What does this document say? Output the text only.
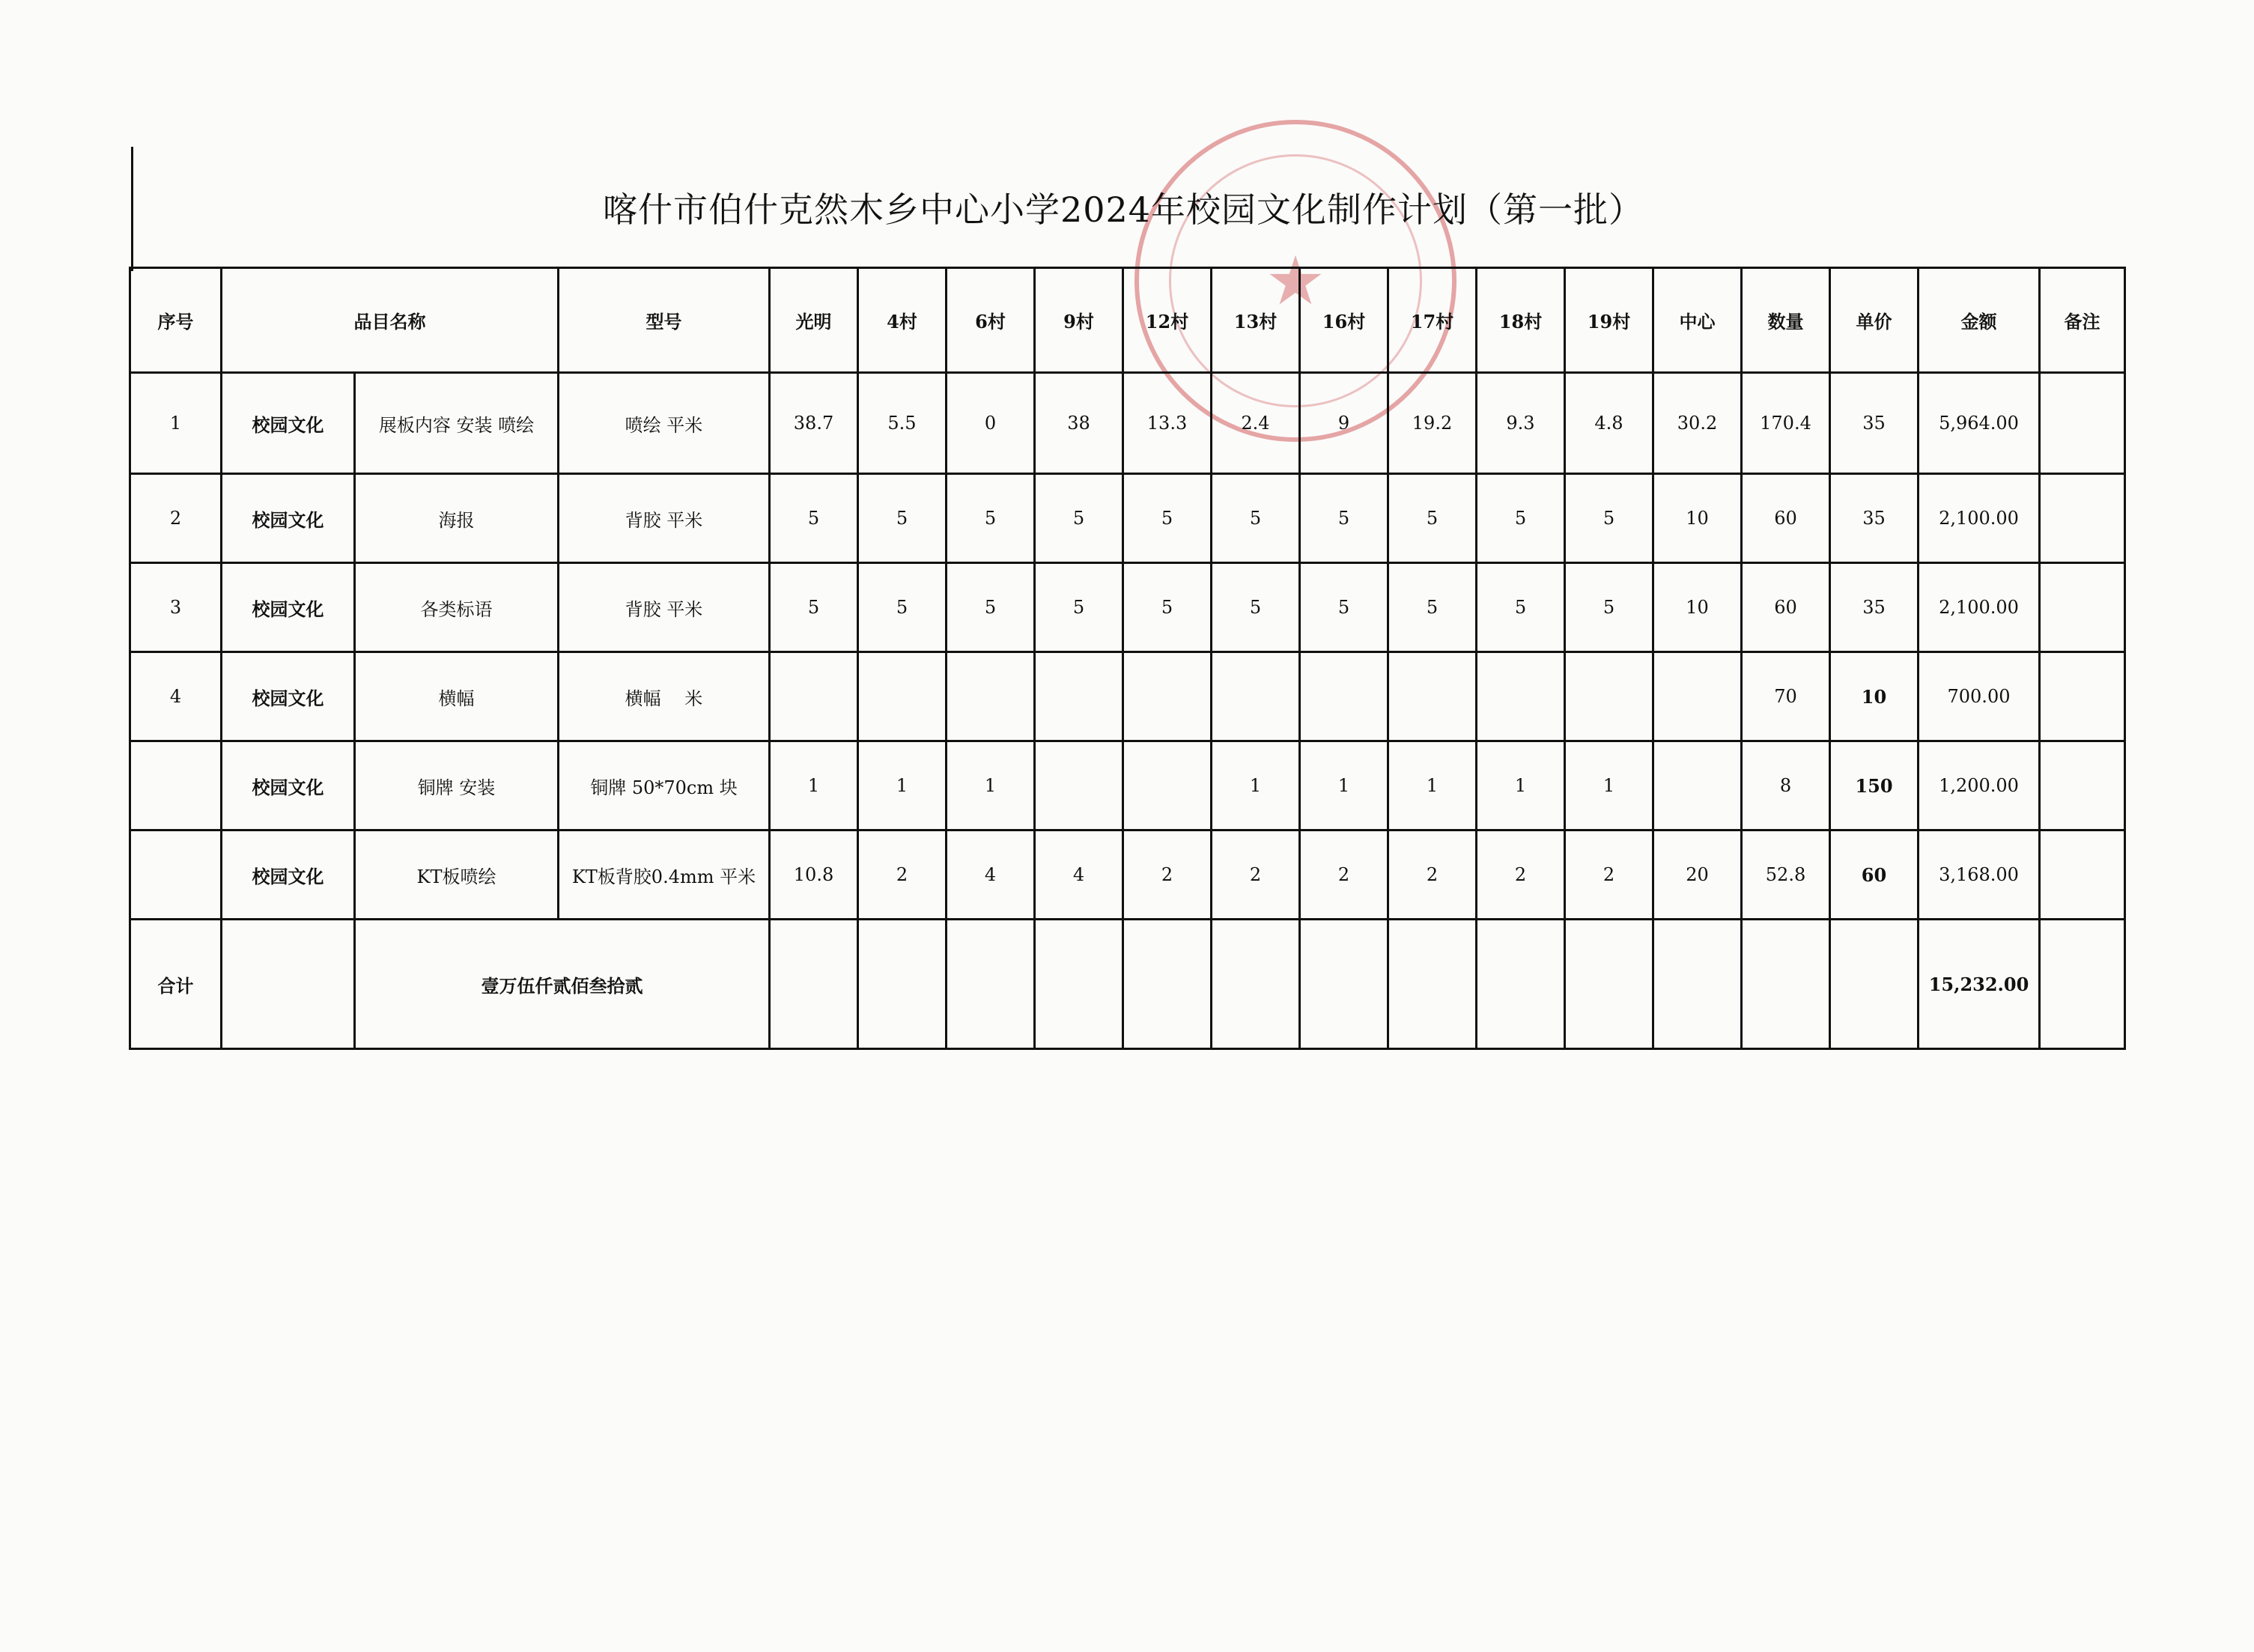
★
喀什市伯什克然木乡中心小学2024年校园文化制作计划（第一批）
序号	品目名称		型号	光明	4村	6村	9村	12村	13村	16村	17村	18村	19村	中心	数量	单价	金额	备注
1	校园文化	展板内容 安装 喷绘	喷绘 平米	38.7	5.5	0	38	13.3	2.4	9	19.2	9.3	4.8	30.2	170.4	35	5,964.00	
2	校园文化	海报	背胶 平米	5	5	5	5	5	5	5	5	5	5	10	60	35	2,100.00	
3	校园文化	各类标语	背胶 平米	5	5	5	5	5	5	5	5	5	5	10	60	35	2,100.00	
4	校园文化	横幅	横幅　 米												70	10	700.00	
	校园文化	铜牌 安装	铜牌 50*70cm 块	1	1	1			1	1	1	1	1		8	150	1,200.00	
	校园文化	KT板喷绘	KT板背胶0.4mm 平米	10.8	2	4	4	2	2	2	2	2	2	20	52.8	60	3,168.00	
合计		壹万伍仟贰佰叁拾贰															15,232.00	
